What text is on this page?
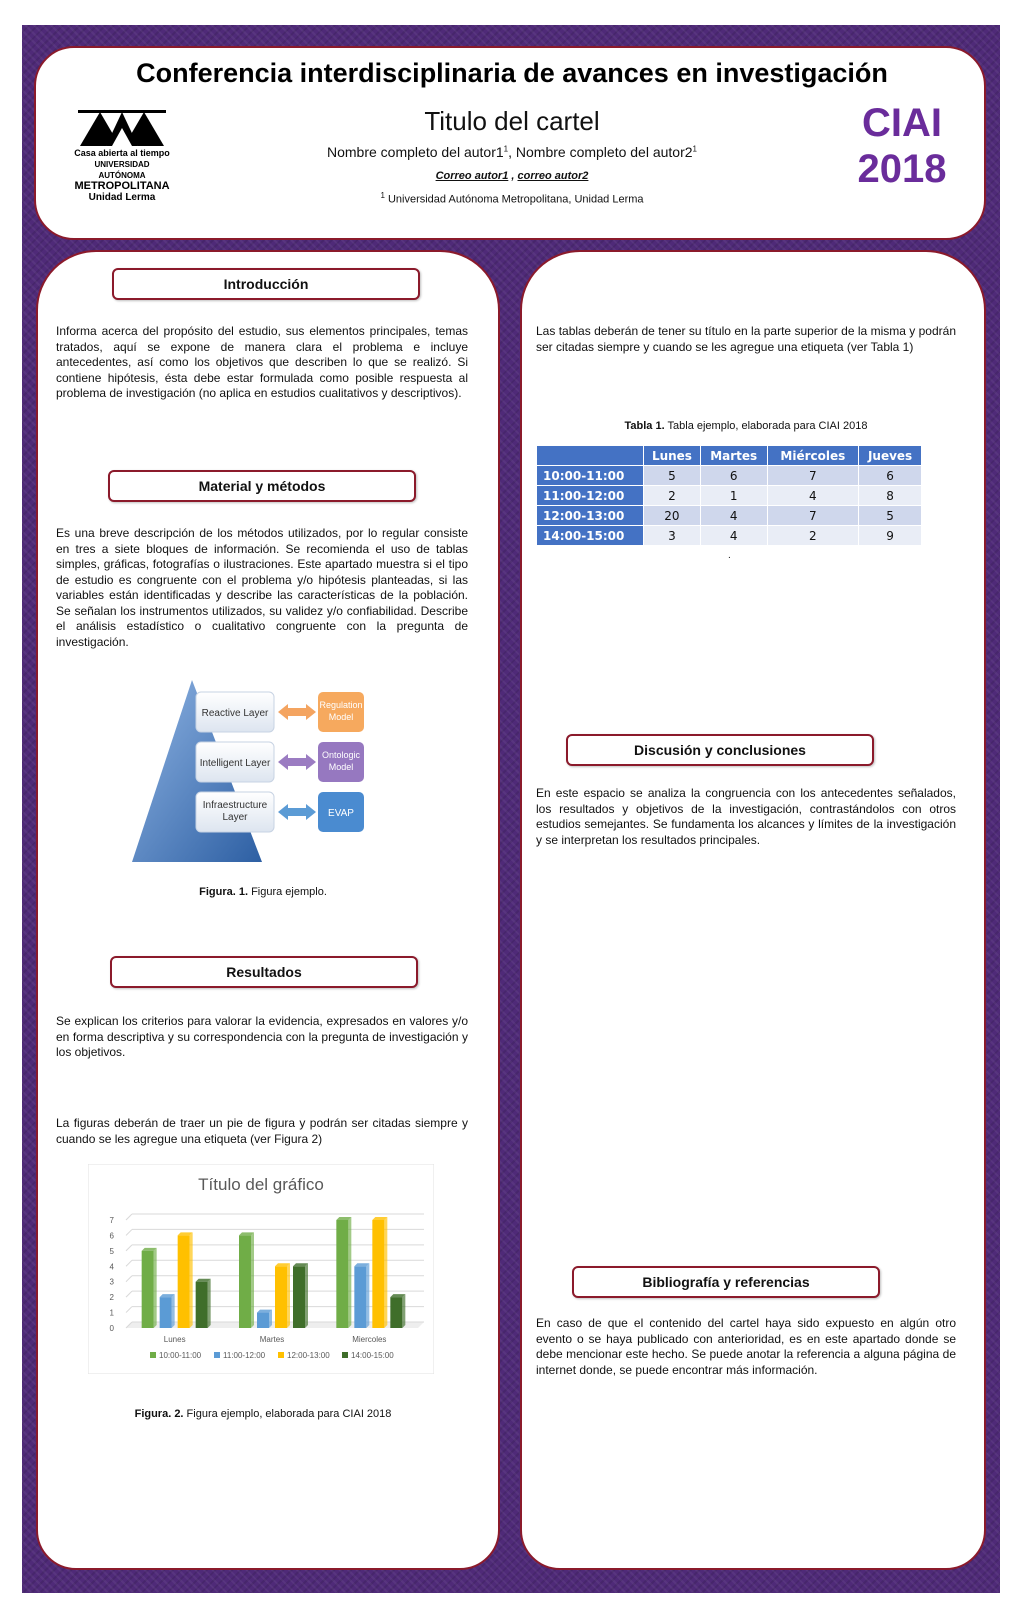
Conferencia interdisciplinaria de avances en investigación
Titulo del cartel
Nombre completo del $autor1^1$, Nombre completo del $autor2^1$
Correo autor1 , correo autor2
$^1$ Universidad Autónoma Metropolitana, Unidad Lerma
Casa abierta al tiempo
UNIVERSIDAD AUTÓNOMA
METROPOLITANA
Unidad Lerma
CIAI
2018
Introducción
Informa acerca del propósito del estudio, sus elementos principales, temas tratados, aquí se expone de manera clara el problema e incluye antecedentes, así como los objetivos que describen lo que se realizó. Si contiene hipótesis, ésta debe estar formulada como posible respuesta al problema de investigación (no aplica en estudios cualitativos y descriptivos).
Material y métodos
Es una breve descripción de los métodos utilizados, por lo regular consiste en tres a siete bloques de información. Se recomienda el uso de tablas simples, gráficas, fotografías o ilustraciones. Este apartado muestra si el tipo de estudio es congruente con el problema y/o hipótesis planteadas, si las variables están identificadas y describe las características de la población. Se señalan los instrumentos utilizados, su validez y/o confiabilidad. Describe el análisis estadístico o cualitativo congruente con la pregunta de investigación.
Reactive Layer
Intelligent Layer
Infraestructure Layer
Regulation Model
Ontologic Model
EVAP
Figura. 1. Figura ejemplo.
Resultados
Se explican los criterios para valorar la evidencia, expresados en valores y/o en forma descriptiva y su correspondencia con la pregunta de investigación y los objetivos.
La figuras deberán de traer un pie de figura y podrán ser citadas siempre y cuando se les agregue una etiqueta (ver Figura 2)
Título del gráfico
0
1
2
3
4
5
6
7
Lunes	Martes	Miercoles
10:00-11:00	11:00-12:00	12:00-13:00	14:00-15:00
Figura. 2. Figura ejemplo, elaborada para CIAI 2018
Las tablas deberán de tener su título en la parte superior de la misma y podrán ser citadas siempre y cuando se les agregue una etiqueta (ver Tabla 1)
Tabla 1. Tabla ejemplo, elaborada para CIAI 2018
	Lunes	Martes	Miércoles	Jueves
10:00-11:00	5	6	7	6
11:00-12:00	2	1	4	8
12:00-13:00	20	4	7	5
14:00-15:00	3	4	2	9
.
Discusión y conclusiones
En este espacio se analiza la congruencia con los antecedentes señalados, los resultados y objetivos de la investigación, contrastándolos con otros estudios semejantes. Se fundamenta los alcances y límites de la investigación y se interpretan los resultados principales.
Bibliografía y referencias
En caso de que el contenido del cartel haya sido expuesto en algún otro evento o se haya publicado con anterioridad, es en este apartado donde se debe mencionar este hecho. Se puede anotar la referencia a alguna página de internet donde, se puede encontrar más información.
